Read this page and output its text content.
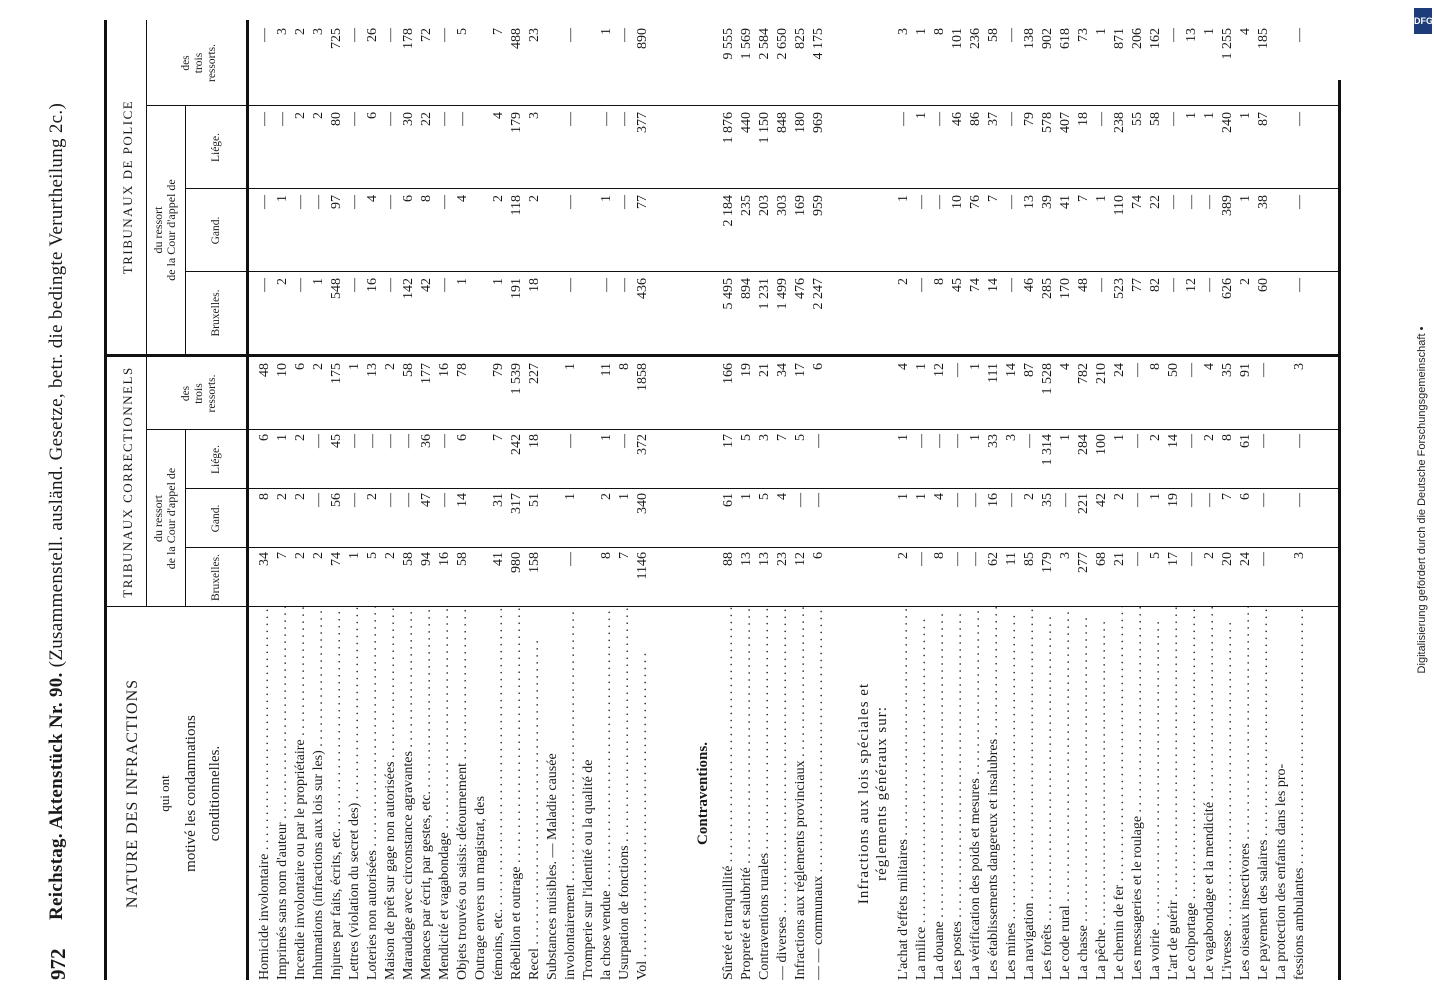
972
Reichstag. Aktenstück Nr. 90. (Zusammenstell. ausländ. Gesetze, betr. die bedingte Verurtheilung 2c.)
NATURE DES INFRACTIONS qui ont motivé les condamnations conditionnelles.
TRIBUNAUX CORRECTIONNELS
TRIBUNAUX DE POLICE
du ressort de la Cour d'appel de
Bruxelles.
Gand.
Liége.
des trois ressorts.
du ressort de la Cour d'appel de
Bruxelles.
Gand.
Liége.
des trois ressorts.
Contraventions.	Infractions aux lois spéciales et réglements généraux sur:
Homicide involontaire . . .
34
8
6
48
—
—
—
—
Imprimés sans nom d'auteur . . .
7
2
1
10
2
1
—
3
Incendie involontaire ou par le propriétaire . . .
2
2
2
6
—
—
2
2
Inhumations (infractions aux lois sur les) . . .
2
—
—
2
1
—
2
3
Injures par faits, écrits, etc. . . .
74
56
45
175
548
97
80
725
Lettres (violation du secret des) . . .
1
—
—
1
—
—
—
—
Loteries non autorisées . . .
5
2
—
13
16
4
6
26
Maison de prêt sur gage non autorisées . . .
2
—
—
2
—
—
—
—
Maraudage avec circonstance agravantes . . .
58
—
—
58
142
6
30
178
Menaces par écrit, par gestes, etc. . . .
94
47
36
177
42
8
22
72
Mendicité et vagabondage . . .
16
—
—
16
—
—
—
—
Objets trouvés ou saisis: détournement . . .
58
14
6
78
1
4
—
5
Outrage envers un magistrat, des témoins, etc. . . .
41
31
7
79
1
2
4
7
Rébellion et outrage . . .
980
317
242
1 539
191
118
179
488
Recel . . .
158
51
18
227
18
2
3
23
Substances nuisibles. — Maladie causée involontairement . . .
—
1
—
1
—
—
—
—
Tromperie sur l'identité ou la qualité de la chose vendue . . .
8
2
1
11
—
1
—
1
Usurpation de fonctions . . .
7
1
—
8
—
—
—
—
Vol . . .
1146
340
372
1858
436
77
377
890
Sûreté et tranquillité . . .
88
61
17
166
5 495
2 184
1 876
9 555
Propreté et salubrité . . .
13
1
5
19
894
235
440
1 569
Contraventions rurales . . .
13
5
3
21
1 231
203
1 150
2 584
— diverses . . .
23
4
7
34
1 499
303
848
2 650
Infractions aux réglements provinciaux . . .
12
—
5
17
476
169
180
825
— — communaux . . .
6
—
—
6
2 247
959
969
4 175
L'achat d'effets militaires . . .
2
1
1
4
2
1
—
3
La milice . . .
—
1
—
1
—
—
1
1
La douane . . .
8
4
—
12
8
—
—
8
Les postes . . .
—
—
—
—
45
10
46
101
La vérification des poids et mesures . . .
—
—
1
1
74
76
86
236
Les établissements dangereux et insalubres . . .
62
16
33
111
14
7
37
58
Les mines . . .
11
—
3
14
—
—
—
—
La navigation . . .
85
2
—
87
46
13
79
138
Les forêts . . .
179
35
1 314
1 528
285
39
578
902
Le code rural . . .
3
—
1
4
170
41
407
618
La chasse . . .
277
221
284
782
48
7
18
73
La pêche . . .
68
42
100
210
—
1
—
1
Le chemin de fer . . .
21
2
1
24
523
110
238
871
Les messageries et le roulage . . .
—
—
—
—
77
74
55
206
La voirie . . .
5
1
2
8
82
22
58
162
L'art de guérir . . .
17
19
14
50
—
—
—
—
Le colportage . . .
—
—
—
—
12
—
1
13
Le vagabondage et la mendicité . . .
2
—
2
4
—
—
1
1
L'ivresse . . .
20
7
8
35
626
389
240
1 255
Les oiseaux insectivores . . .
24
6
61
91
2
1
1
4
Le payement des salaires . . .
—
—
—
—
60
38
87
185
La protection des enfants dans les pro- fessions ambulantes . . .
3
—
—
3
—
—
—
—
DFG
Digitalisierung gefördert durch die Deutsche Forschungsgemeinschaft •
